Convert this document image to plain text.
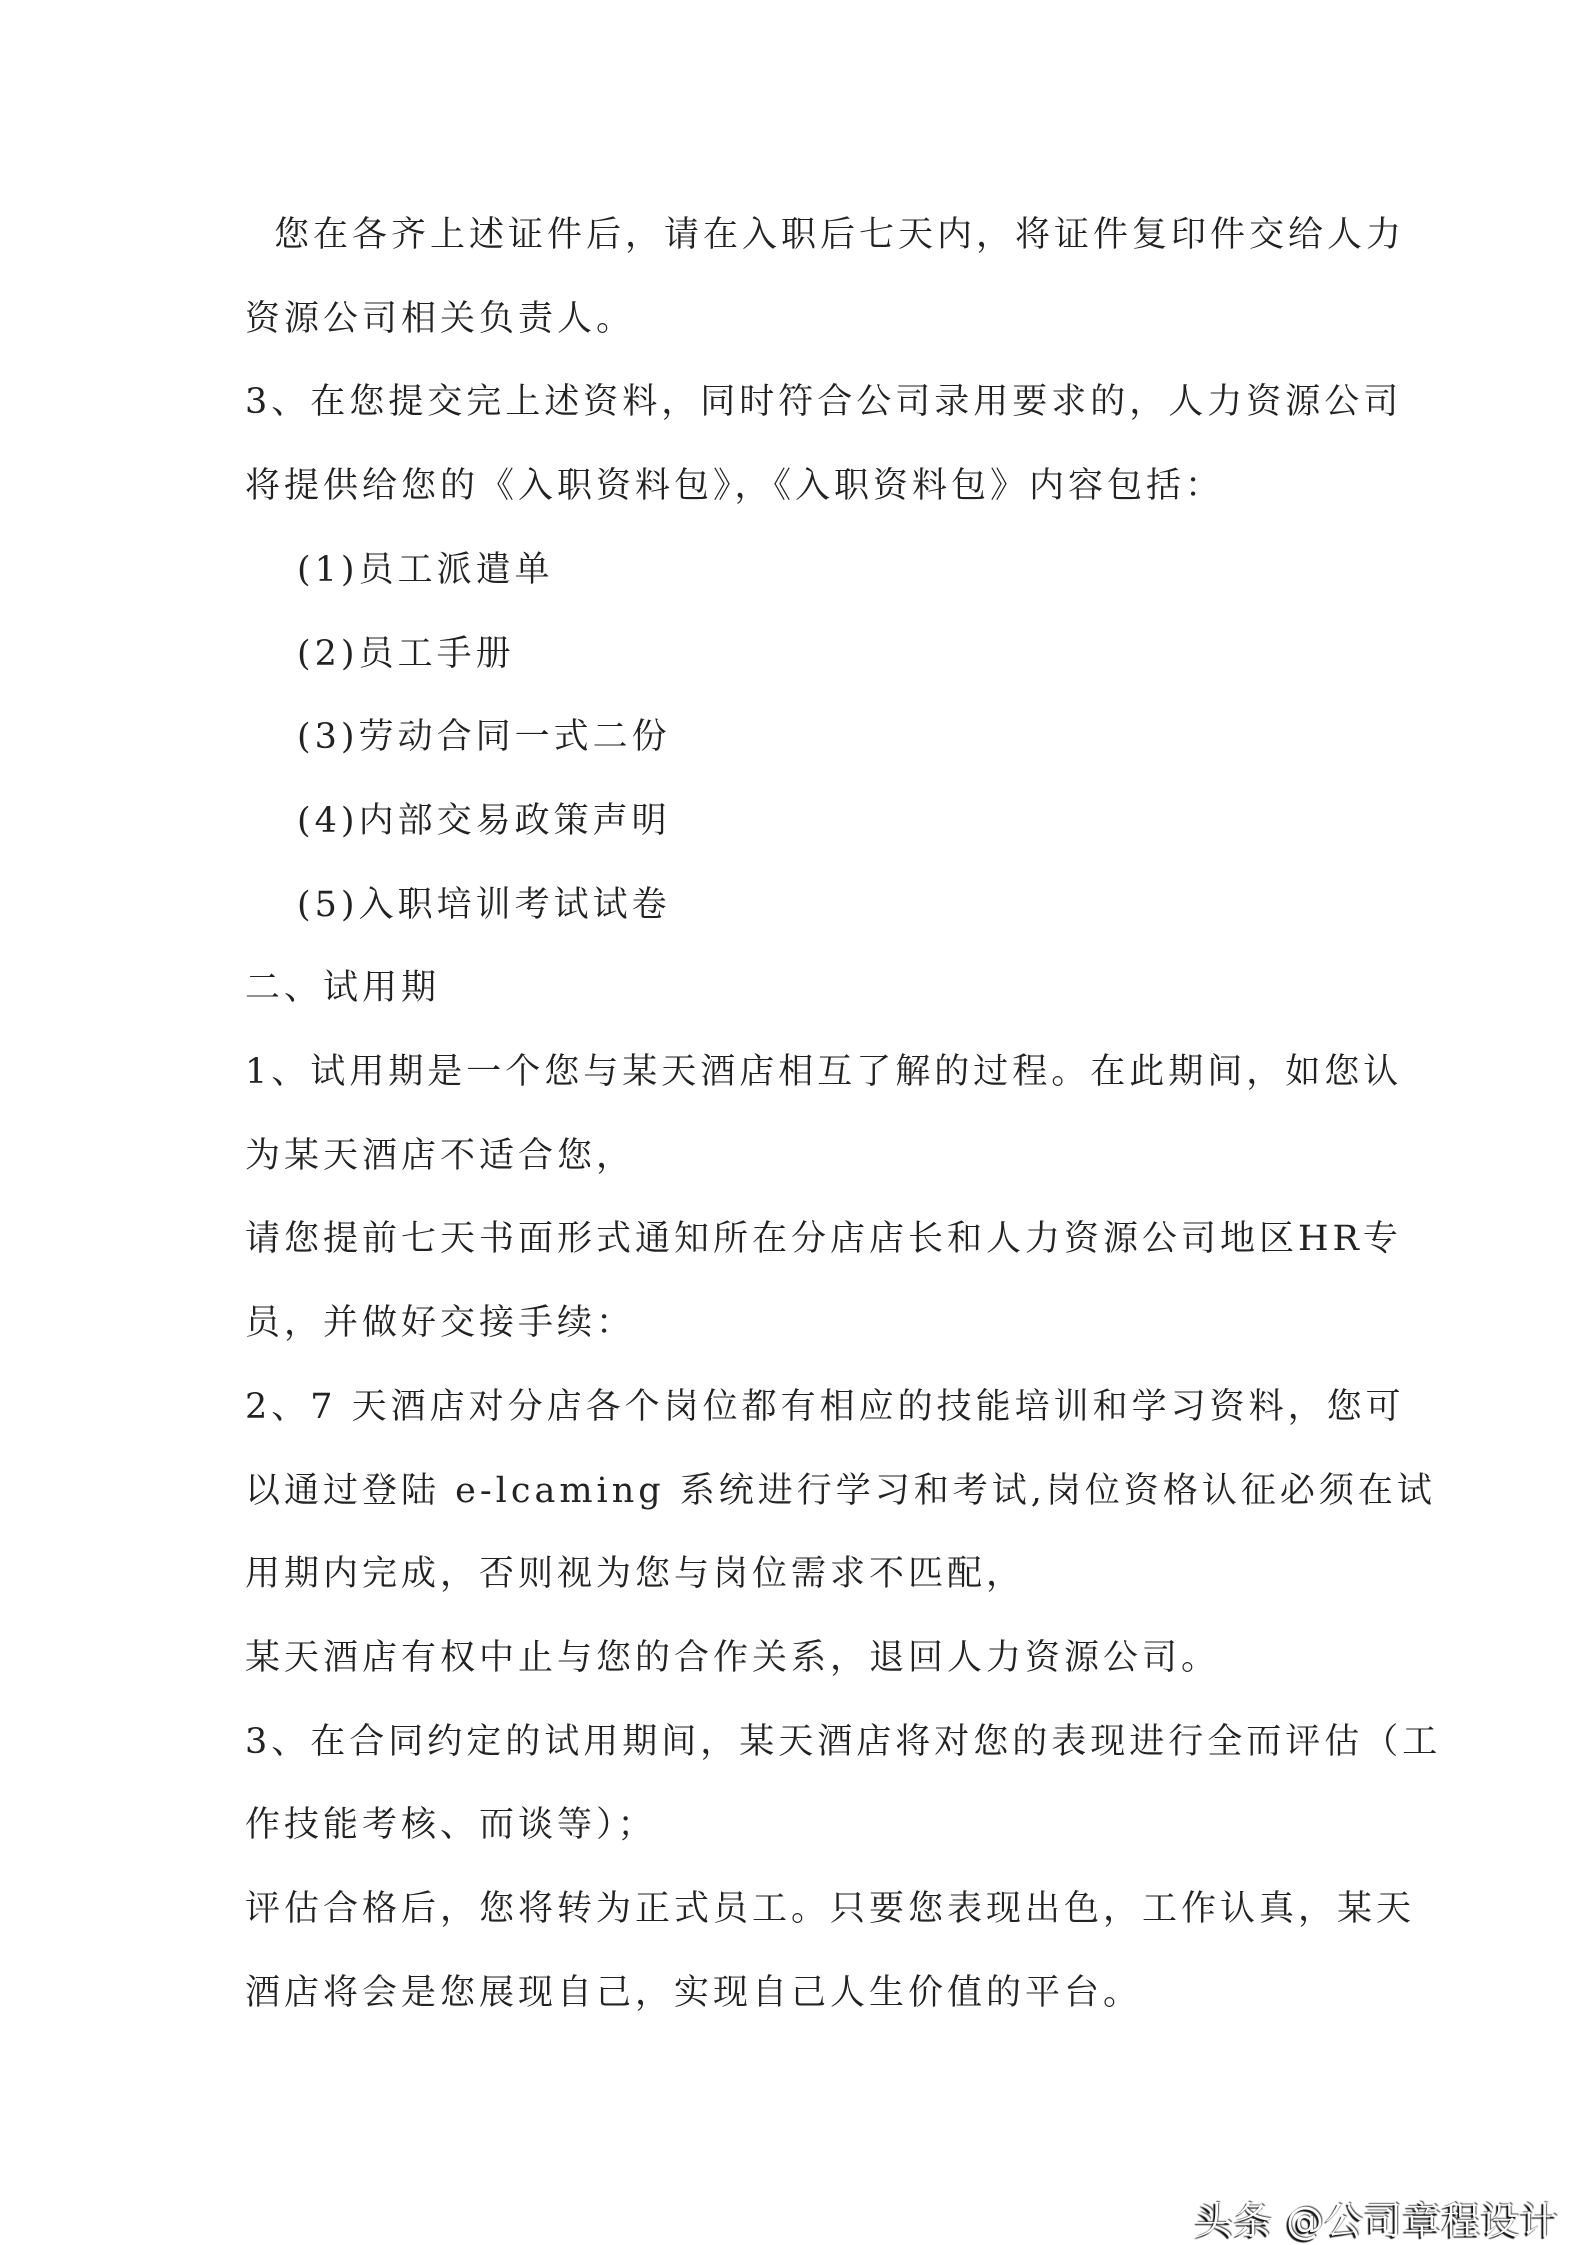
您在各齐上述证件后，请在入职后七天内，将证件复印件交给人力
资源公司相关负责人。
3、在您提交完上述资料，同时符合公司录用要求的，人力资源公司
将提供给您的《入职资料包》，《入职资料包》内容包括：
(1)员工派遣单
(2)员工手册
(3)劳动合同一式二份
(4)内部交易政策声明
(5)入职培训考试试卷
二、试用期
1、试用期是一个您与某天酒店相互了解的过程。在此期间，如您认
为某天酒店不适合您，
请您提前七天书面形式通知所在分店店长和人力资源公司地区HR专
员，并做好交接手续：
2、7 天酒店对分店各个岗位都有相应的技能培训和学习资料，您可
以通过登陆 e-lcaming 系统进行学习和考试,岗位资格认征必须在试
用期内完成，否则视为您与岗位需求不匹配，
某天酒店有权中止与您的合作关系，退回人力资源公司。
3、在合同约定的试用期间，某天酒店将对您的表现进行全而评估（工
作技能考核、而谈等）；
评估合格后，您将转为正式员工。只要您表现出色，工作认真，某天
酒店将会是您展现自己，实现自己人生价值的平台。
头条 @公司章程设计
